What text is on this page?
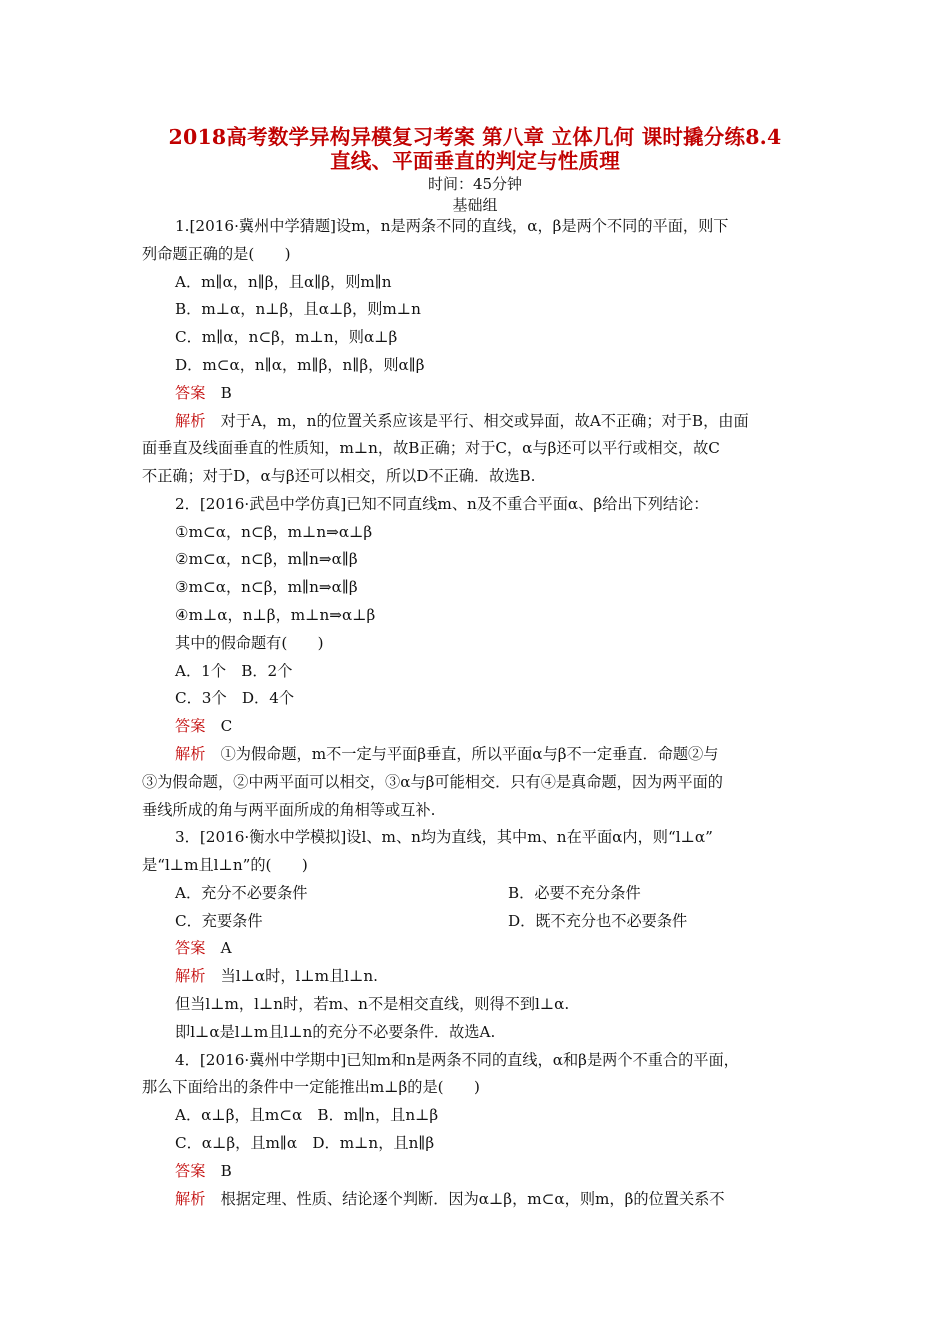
2018高考数学异构异模复习考案 第八章 立体几何 课时撬分练8.4
直线、平面垂直的判定与性质理
时间：45分钟
基础组
1.[2016·冀州中学猜题]设m，n是两条不同的直线，α，β是两个不同的平面，则下
列命题正确的是(　　)
A．m∥α，n∥β，且α∥β，则m∥n
B．m⊥α，n⊥β，且α⊥β，则m⊥n
C．m∥α，n⊂β，m⊥n，则α⊥β
D．m⊂α，n∥α，m∥β，n∥β，则α∥β
答案　 B
解析　 对于A，m，n的位置关系应该是平行、相交或异面，故A不正确；对于B，由面
面垂直及线面垂直的性质知，m⊥n，故B正确；对于C，α与β还可以平行或相交，故C
不正确；对于D，α与β还可以相交，所以D不正确．故选B.
2．[2016·武邑中学仿真]已知不同直线m、n及不重合平面α、β给出下列结论：
①m⊂α，n⊂β，m⊥n⇒α⊥β
②m⊂α，n⊂β，m∥n⇒α∥β
③m⊂α，n⊂β，m∥n⇒α∥β
④m⊥α，n⊥β，m⊥n⇒α⊥β
其中的假命题有(　　)
A．1个　B．2个
C．3个　D．4个
答案　 C
解析　 ①为假命题，m不一定与平面β垂直，所以平面α与β不一定垂直．命题②与
③为假命题，②中两平面可以相交，③α与β可能相交．只有④是真命题，因为两平面的
垂线所成的角与两平面所成的角相等或互补.
3．[2016·衡水中学模拟]设l、m、n均为直线，其中m、n在平面α内，则“l⊥α”
是“l⊥m且l⊥n”的(　　)
A．充分不必要条件	B．必要不充分条件
C．充要条件	D．既不充分也不必要条件
答案　 A
解析　 当l⊥α时，l⊥m且l⊥n.
但当l⊥m，l⊥n时，若m、n不是相交直线，则得不到l⊥α.
即l⊥α是l⊥m且l⊥n的充分不必要条件．故选A.
4．[2016·冀州中学期中]已知m和n是两条不同的直线，α和β是两个不重合的平面，
那么下面给出的条件中一定能推出m⊥β的是(　　)
A．α⊥β，且m⊂α　B．m∥n，且n⊥β
C．α⊥β，且m∥α　D．m⊥n，且n∥β
答案　 B
解析　 根据定理、性质、结论逐个判断．因为α⊥β，m⊂α，则m，β的位置关系不
